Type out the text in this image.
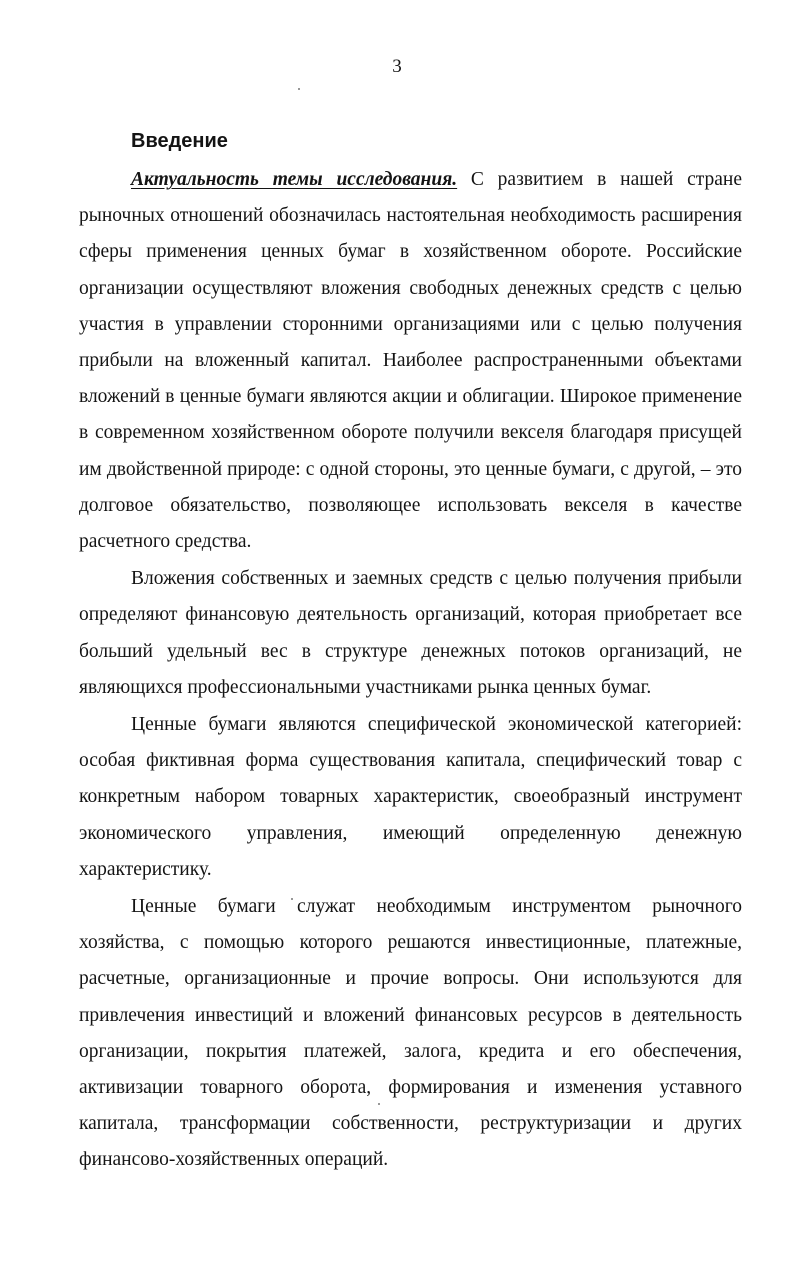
3
Введение

Актуальность темы исследования. С развитием в нашей стране рыночных отношений обозначилась настоятельная необходимость расширения сферы применения ценных бумаг в хозяйственном обороте. Российские организации осуществляют вложения свободных денежных средств с целью участия в управлении сторонними организациями или с целью получения прибыли на вложенный капитал. Наиболее распространенными объектами вложений в ценные бумаги являются акции и облигации. Широкое применение в современном хозяйственном обороте получили векселя благодаря присущей им двойственной природе: с одной стороны, это ценные бумаги, с другой, – это долговое обязательство, позволяющее использовать векселя в качестве расчетного средства.

Вложения собственных и заемных средств с целью получения прибыли определяют финансовую деятельность организаций, которая приобретает все больший удельный вес в структуре денежных потоков организаций, не являющихся профессиональными участниками рынка ценных бумаг.

Ценные бумаги являются специфической экономической категорией: особая фиктивная форма существования капитала, специфический товар с конкретным набором товарных характеристик, своеобразный инструмент экономического управления, имеющий определенную денежную характеристику.

Ценные бумаги служат необходимым инструментом рыночного хозяйства, с помощью которого решаются инвестиционные, платежные, расчетные, организационные и прочие вопросы. Они используются для привлечения инвестиций и вложений финансовых ресурсов в деятельность организации, покрытия платежей, залога, кредита и его обеспечения, активизации товарного оборота, формирования и изменения уставного капитала, трансформации собственности, реструктуризации и других финансово-хозяйственных операций.
